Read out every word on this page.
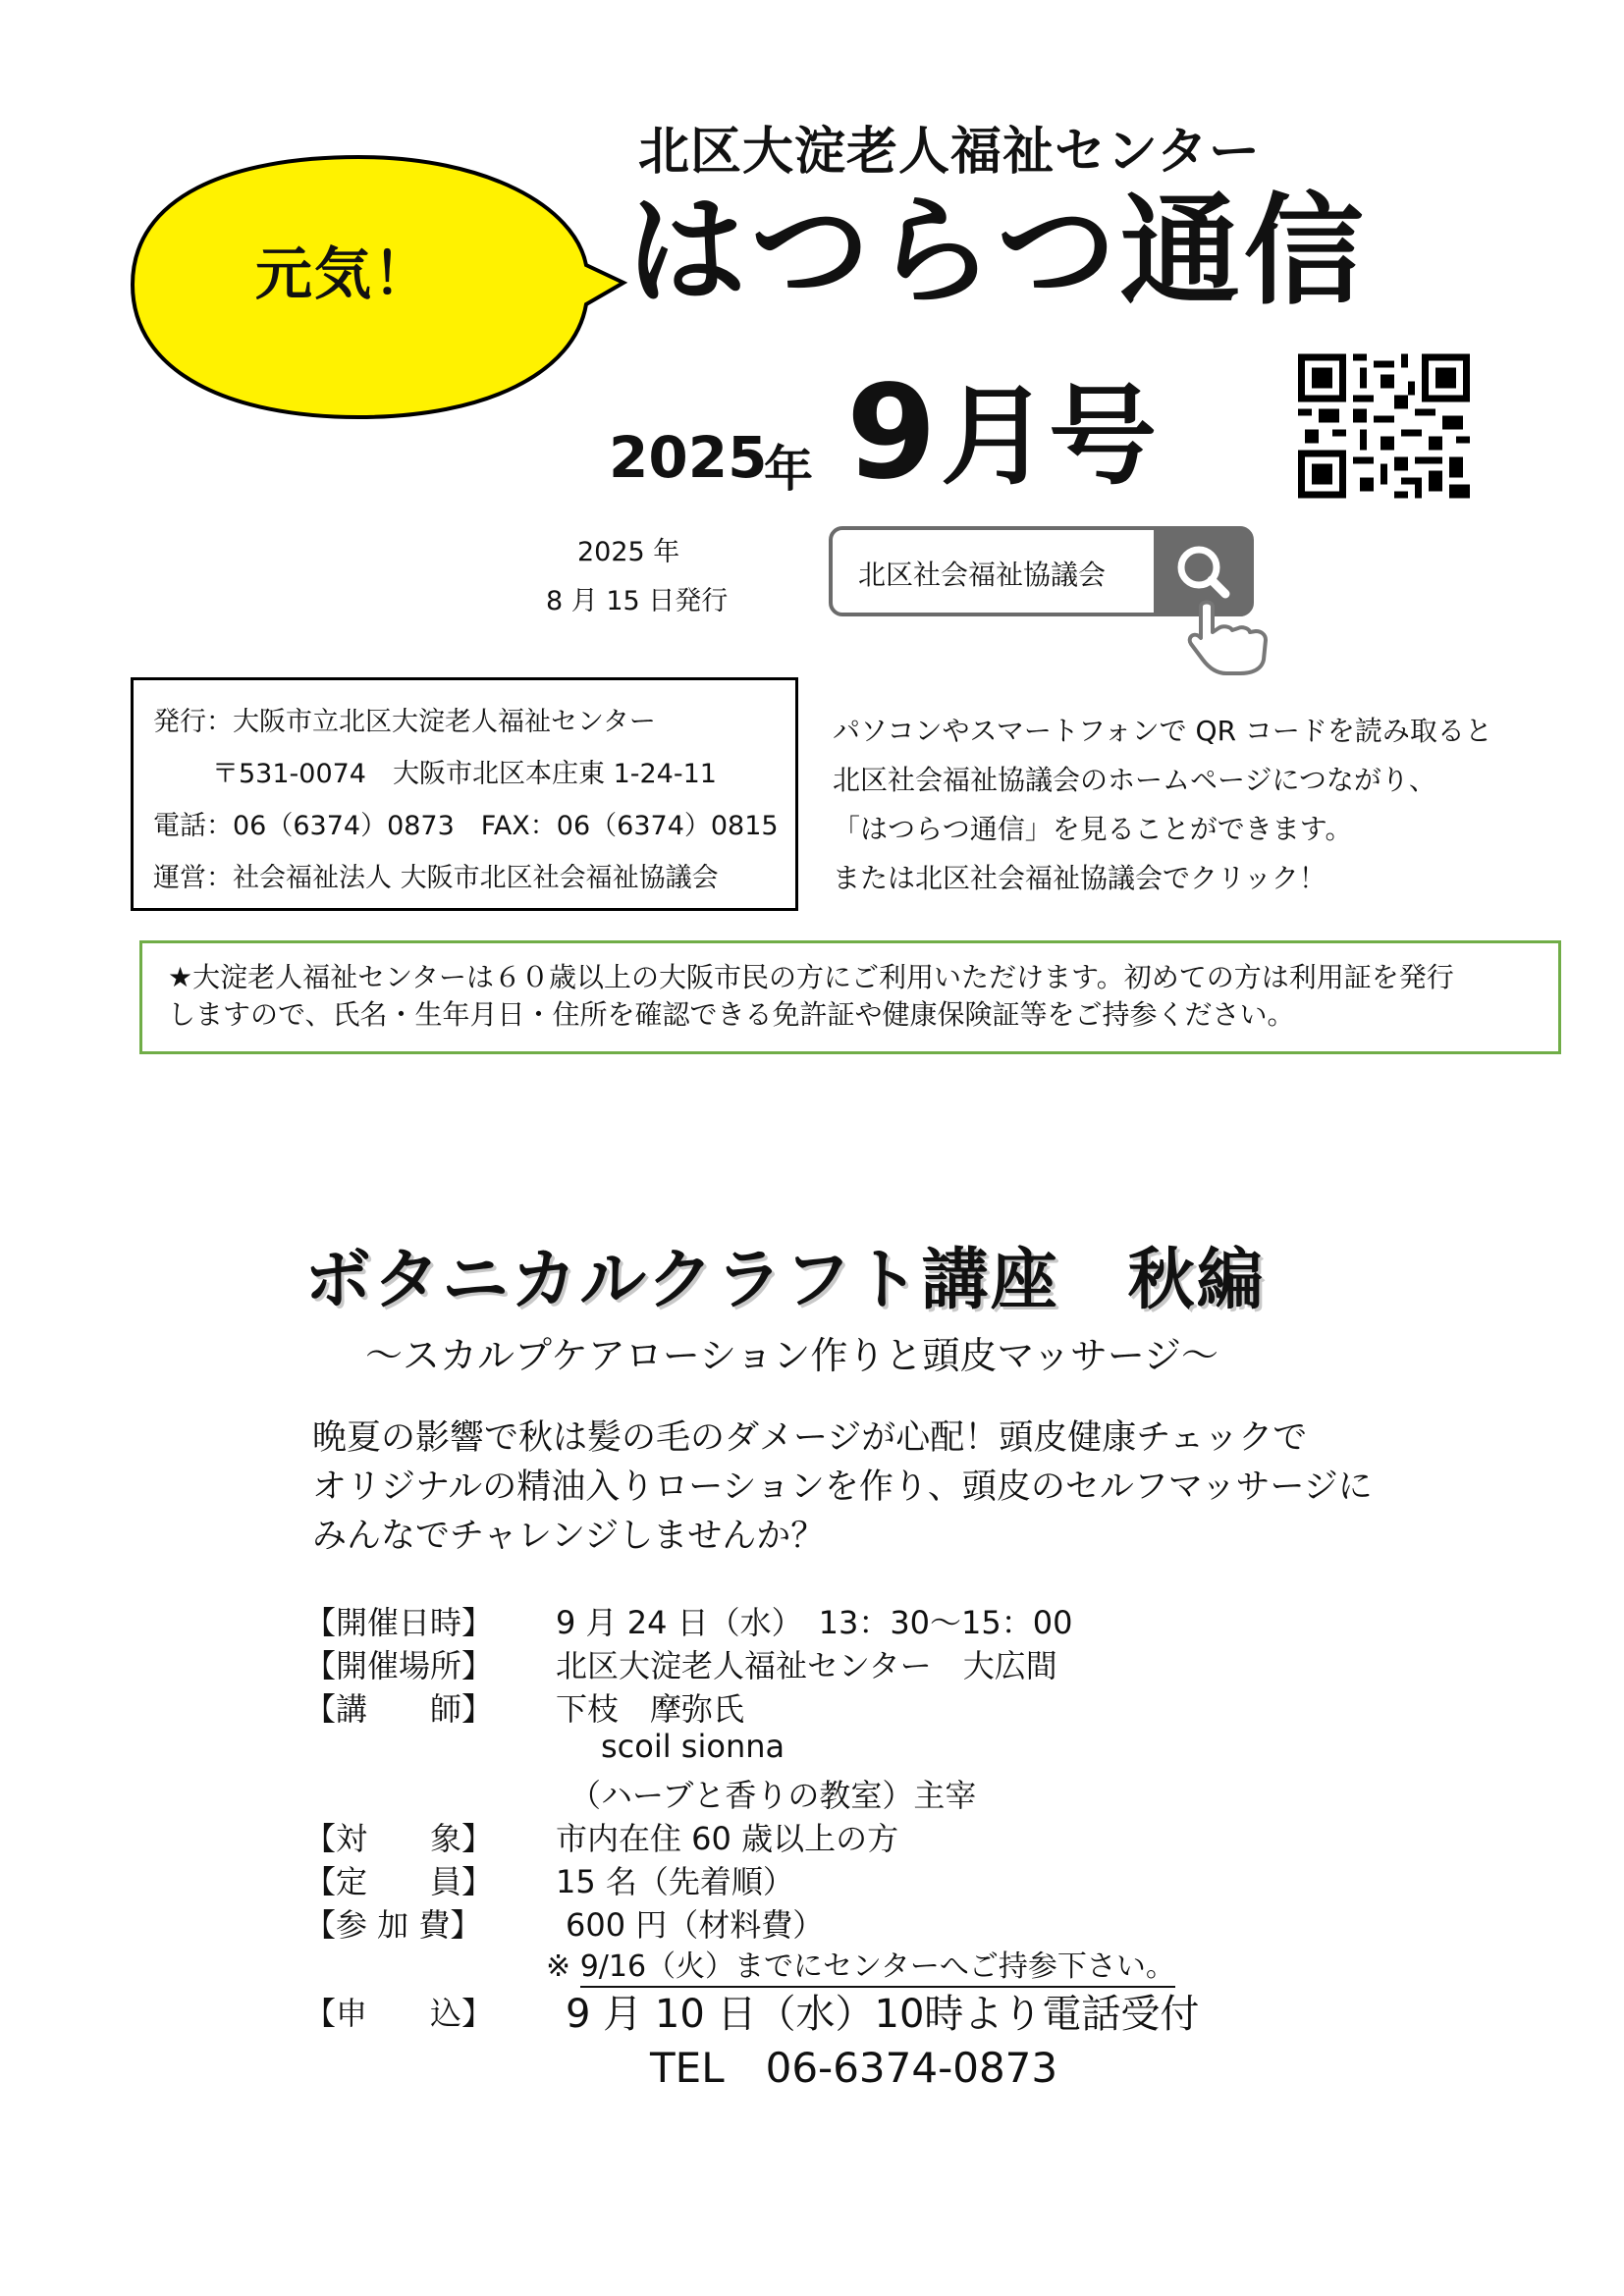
元気！
北区大淀老人福祉センター
はつらつ通信
2025
年 9 月号
2025 年
8 月 15 日発行
北区社会福祉協議会
発行：大阪市立北区大淀老人福祉センター
〒531-0074　大阪市北区本庄東 1-24-11
電話：06（6374）0873　FAX：06（6374）0815
運営：社会福祉法人 大阪市北区社会福祉協議会
パソコンやスマートフォンで QR コードを読み取ると
北区社会福祉協議会のホームページにつながり、
「はつらつ通信」を見ることができます。
または北区社会福祉協議会でクリック！
★大淀老人福祉センターは６０歳以上の大阪市民の方にご利用いただけます。初めての方は利用証を発行
しますので、氏名・生年月日・住所を確認できる免許証や健康保険証等をご持参ください。
ボタニカルクラフト講座　秋編
～スカルプケアローション作りと頭皮マッサージ～
晩夏の影響で秋は髪の毛のダメージが心配！頭皮健康チェックで
オリジナルの精油入りローションを作り、頭皮のセルフマッサージに
みんなでチャレンジしませんか？
【開催日時】 9 月 24 日（水）　13：30～15：00
【開催場所】 北区大淀老人福祉センター　大広間
【講　　師】 下枝　摩弥氏
scoil sionna
（ハーブと香りの教室）主宰
【対　　象】 市内在住 60 歳以上の方
【定　　員】 15 名（先着順）
【参 加 費】	600 円（材料費）
※ 9/16（火）までにセンターへご持参下さい。
【申　　込】 9 月 10 日（水）10時より電話受付
TEL　06-6374-0873
